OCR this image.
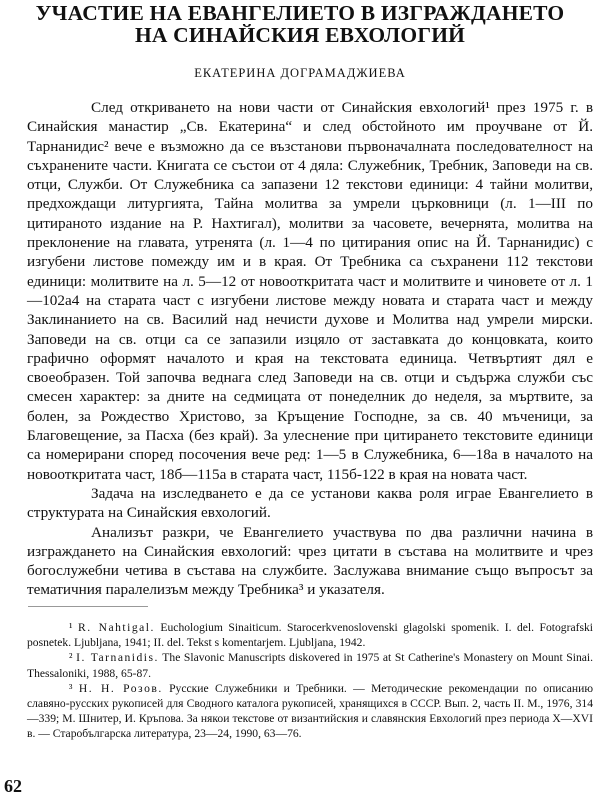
УЧАСТИЕ НА ЕВАНГЕЛИЕТО В ИЗГРАЖДАНЕТО
НА СИНАЙСКИЯ ЕВХОЛОГИЙ
ЕКАТЕРИНА ДОГРАМАДЖИЕВА

След откриването на нови части от Синайския евхологий¹ през 1975 г. в Синайския манастир „Св. Екатерина“ и след обстойното им проучване от Й. Тарнанидис² вече е възможно да се възстанови първоначалната последователност на съхранените части. Книгата се състои от 4 дяла: Служебник, Требник, Заповеди на св. отци, Служби. От Служебника са запазени 12 текстови единици: 4 тайни молитви, предхождащи литургията, Тайна молитва за умрели църковници (л. 1—III по цитираното издание на Р. Нахтигал), молитви за часовете, вечернята, молитва на преклонение на главата, утренята (л. 1—4 по цитирания опис на Й. Тарнанидис) с изгубени листове помежду им и в края. От Требника са съхранени 112 текстови единици: молитвите на л. 5—12 от новооткритата част и молитвите и чиновете от л. 1—102а4 на старата част с изгубени листове между новата и старата част и между Заклинанието на св. Василий над нечисти духове и Молитва над умрели мирски. Заповеди на св. отци са се запазили изцяло от заставката до концовката, които графично оформят началото и края на текстовата единица. Четвъртият дял е своеобразен. Той започва веднага след Заповеди на св. отци и съдържа служби със смесен характер: за дните на седмицата от понеделник до неделя, за мъртвите, за болен, за Рождество Христово, за Кръщение Господне, за св. 40 мъченици, за Благовещение, за Пасха (без край). За улеснение при цитирането текстовите единици са номерирани според посочения вече ред: 1—5 в Служебника, 6—18а в началото на новооткритата част, 18б—115а в старата част, 115б-122 в края на новата част.

Задача на изследването е да се установи каква роля играе Евангелието в структурата на Синайския евхологий.

Анализът разкри, че Евангелието участвува по два различни начина в изграждането на Синайския евхологий: чрез цитати в състава на молитвите и чрез богослужебни четива в състава на службите. Заслужава внимание също въпросът за тематичния паралелизъм между Требника³ и указателя.

¹ R. Nahtigal. Euchologium Sinaiticum. Starocerkvenoslovenski glagolski spomenik. I. del. Fotografski posnetek. Ljubljana, 1941; II. del. Tekst s komentarjem. Ljubljana, 1942.

² I. Tarnanidis. The Slavonic Manuscripts diskovered in 1975 at St Catherine's Monastery on Mount Sinai. Thessaloniki, 1988, 65-87.

³ Н. Н. Розов. Русские Служебники и Требники. — Методические рекомендации по описанию славяно-русских рукописей для Сводного каталога рукописей, хранящихся в СССР. Вып. 2, часть II. М., 1976, 314—339; М. Шнитер, И. Кръпова. За някои текстове от византийския и славянския Евхологий през периода X—XVI в. — Старобългарска литература, 23—24, 1990, 63—76.

62
